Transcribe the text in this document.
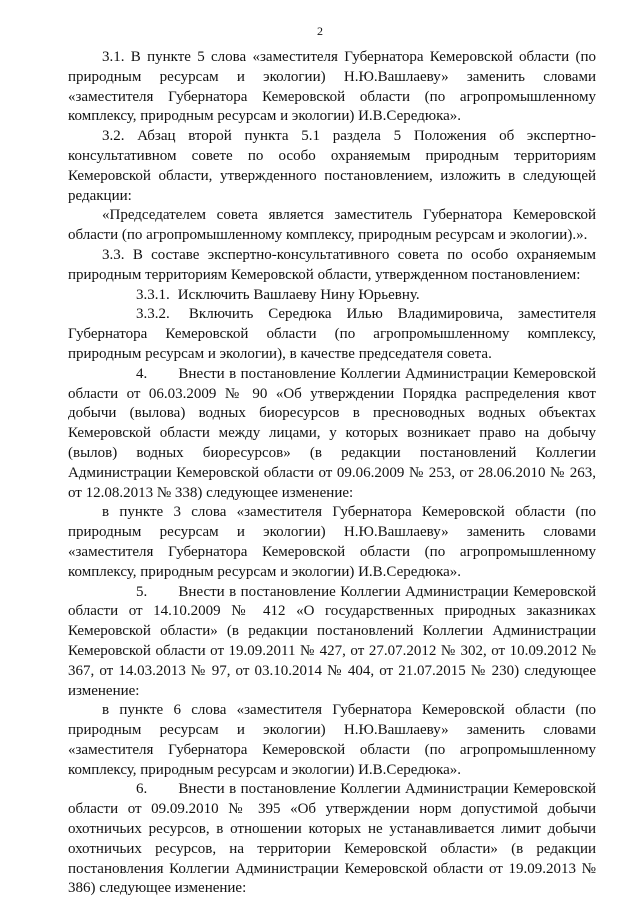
2

3.1. В пункте 5 слова «заместителя Губернатора Кемеровской области (по природным ресурсам и экологии) Н.Ю.Вашлаеву» заменить словами «заместителя Губернатора Кемеровской области (по агропромышленному комплексу, природным ресурсам и экологии) И.В.Середюка».

3.2. Абзац второй пункта 5.1 раздела 5 Положения об экспертно-консультативном совете по особо охраняемым природным территориям Кемеровской области, утвержденного постановлением, изложить в следующей редакции:

«Председателем совета является заместитель Губернатора Кемеровской области (по агропромышленному комплексу, природным ресурсам и экологии).».

3.3. В составе экспертно-консультативного совета по особо охраняемым природным территориям Кемеровской области, утвержденном постановлением:

3.3.1. Исключить Вашлаеву Нину Юрьевну.

3.3.2. Включить Середюка Илью Владимировича, заместителя Губернатора Кемеровской области (по агропромышленному комплексу, природным ресурсам и экологии), в качестве председателя совета.

4. Внести в постановление Коллегии Администрации Кемеровской области от 06.03.2009 № 90 «Об утверждении Порядка распределения квот добычи (вылова) водных биоресурсов в пресноводных водных объектах Кемеровской области между лицами, у которых возникает право на добычу (вылов) водных биоресурсов» (в редакции постановлений Коллегии Администрации Кемеровской области от 09.06.2009 № 253, от 28.06.2010 № 263, от 12.08.2013 № 338) следующее изменение:

в пункте 3 слова «заместителя Губернатора Кемеровской области (по природным ресурсам и экологии) Н.Ю.Вашлаеву» заменить словами «заместителя Губернатора Кемеровской области (по агропромышленному комплексу, природным ресурсам и экологии) И.В.Середюка».

5. Внести в постановление Коллегии Администрации Кемеровской области от 14.10.2009 № 412 «О государственных природных заказниках Кемеровской области» (в редакции постановлений Коллегии Администрации Кемеровской области от 19.09.2011 № 427, от 27.07.2012 № 302, от 10.09.2012 № 367, от 14.03.2013 № 97, от 03.10.2014 № 404, от 21.07.2015 № 230) следующее изменение:

в пункте 6 слова «заместителя Губернатора Кемеровской области (по природным ресурсам и экологии) Н.Ю.Вашлаеву» заменить словами «заместителя Губернатора Кемеровской области (по агропромышленному комплексу, природным ресурсам и экологии) И.В.Середюка».

6. Внести в постановление Коллегии Администрации Кемеровской области от 09.09.2010 № 395 «Об утверждении норм допустимой добычи охотничьих ресурсов, в отношении которых не устанавливается лимит добычи охотничьих ресурсов, на территории Кемеровской области» (в редакции постановления Коллегии Администрации Кемеровской области от 19.09.2013 № 386) следующее изменение:
